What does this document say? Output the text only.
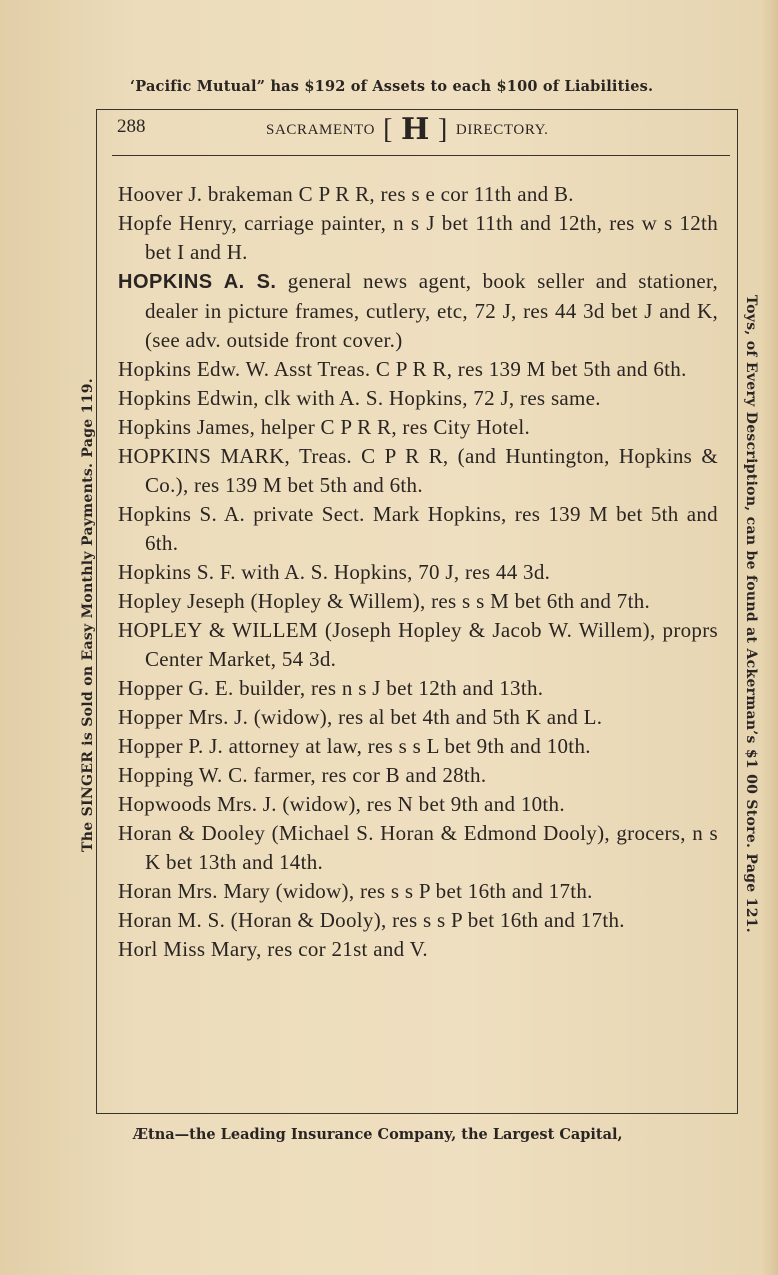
‘Pacific Mutual” has $192 of Assets to each $100 of Liabilities.
288	SACRAMENTO [ H ] DIRECTORY.

Hoover J. brakeman C P R R, res s e cor 11th and B.

Hopfe Henry, carriage painter, n s J bet 11th and 12th, res w s 12th bet I and H.

HOPKINS A. S. general news agent, book seller and stationer, dealer in picture frames, cutlery, etc, 72 J, res 44 3d bet J and K, (see adv. outside front cover.)

Hopkins Edw. W. Asst Treas. C P R R, res 139 M bet 5th and 6th.

Hopkins Edwin, clk with A. S. Hopkins, 72 J, res same.

Hopkins James, helper C P R R, res City Hotel.

HOPKINS MARK, Treas. C P R R, (and Huntington, Hopkins & Co.), res 139 M bet 5th and 6th.

Hopkins S. A. private Sect. Mark Hopkins, res 139 M bet 5th and 6th.

Hopkins S. F. with A. S. Hopkins, 70 J, res 44 3d.

Hopley Jeseph (Hopley & Willem), res s s M bet 6th and 7th.

HOPLEY & WILLEM (Joseph Hopley & Jacob W. Willem), proprs Center Market, 54 3d.

Hopper G. E. builder, res n s J bet 12th and 13th.

Hopper Mrs. J. (widow), res al bet 4th and 5th K and L.

Hopper P. J. attorney at law, res s s L bet 9th and 10th.

Hopping W. C. farmer, res cor B and 28th.

Hopwoods Mrs. J. (widow), res N bet 9th and 10th.

Horan & Dooley (Michael S. Horan & Edmond Dooly), grocers, n s K bet 13th and 14th.

Horan Mrs. Mary (widow), res s s P bet 16th and 17th.

Horan M. S. (Horan & Dooly), res s s P bet 16th and 17th.

Horl Miss Mary, res cor 21st and V.

Ætna—the Leading Insurance Company, the Largest Capital,
The SINGER is Sold on Easy Monthly Payments. Page 119.	Toys, of Every Description, can be found at Ackerman’s $1 00 Store. Page 121.
